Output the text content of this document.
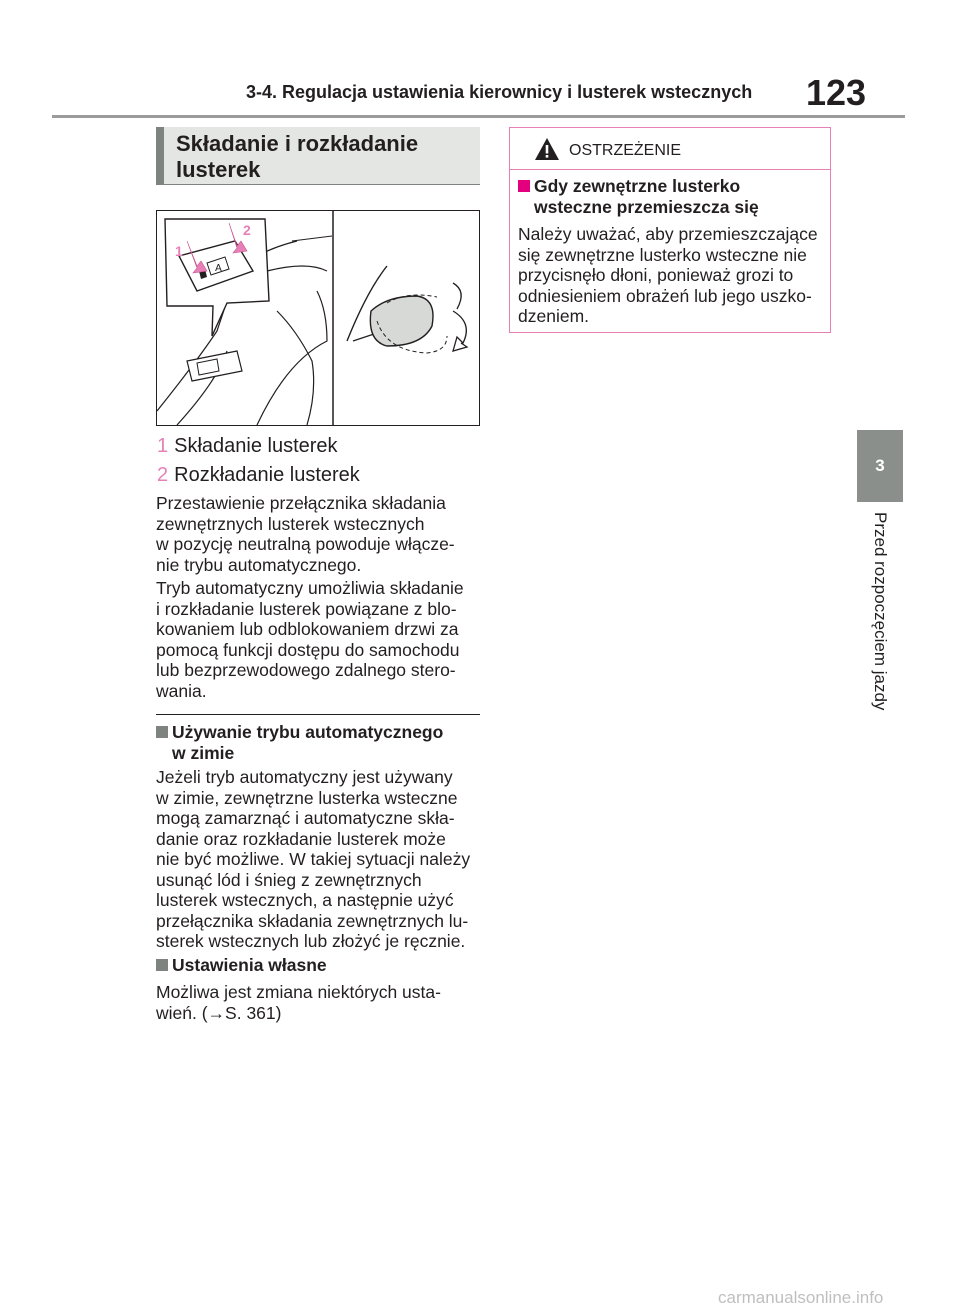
3-4. Regulacja ustawienia kierownicy i lusterek wstecznych 123
3
Przed rozpoczęciem jazdy
Składanie i rozkładanie
lusterek
A
1
2
1 Składanie lusterek
2 Rozkładanie lusterek

Przestawienie przełącznika składania
zewnętrznych lusterek wstecznych
w pozycję neutralną powoduje włącze-
nie trybu automatycznego.

Tryb automatyczny umożliwia składanie
i rozkładanie lusterek powiązane z blo-
kowaniem lub odblokowaniem drzwi za
pomocą funkcji dostępu do samochodu
lub bezprzewodowego zdalnego stero-
wania.

Używanie trybu automatycznego
w zimie

Jeżeli tryb automatyczny jest używany
w zimie, zewnętrzne lusterka wsteczne
mogą zamarznąć i automatyczne skła-
danie oraz rozkładanie lusterek może
nie być możliwe. W takiej sytuacji należy
usunąć lód i śnieg z zewnętrznych
lusterek wstecznych, a następnie użyć
przełącznika składania zewnętrznych lu-
sterek wstecznych lub złożyć je ręcznie.

Ustawienia własne

Możliwa jest zmiana niektórych usta-
wień. (→S. 361)

OSTRZEŻENIE
Gdy zewnętrzne lusterko
wsteczne przemieszcza się

Należy uważać, aby przemieszczające
się zewnętrzne lusterko wsteczne nie
przycisnęło dłoni, ponieważ grozi to
odniesieniem obrażeń lub jego uszko-
dzeniem.

carmanualsonline.info
